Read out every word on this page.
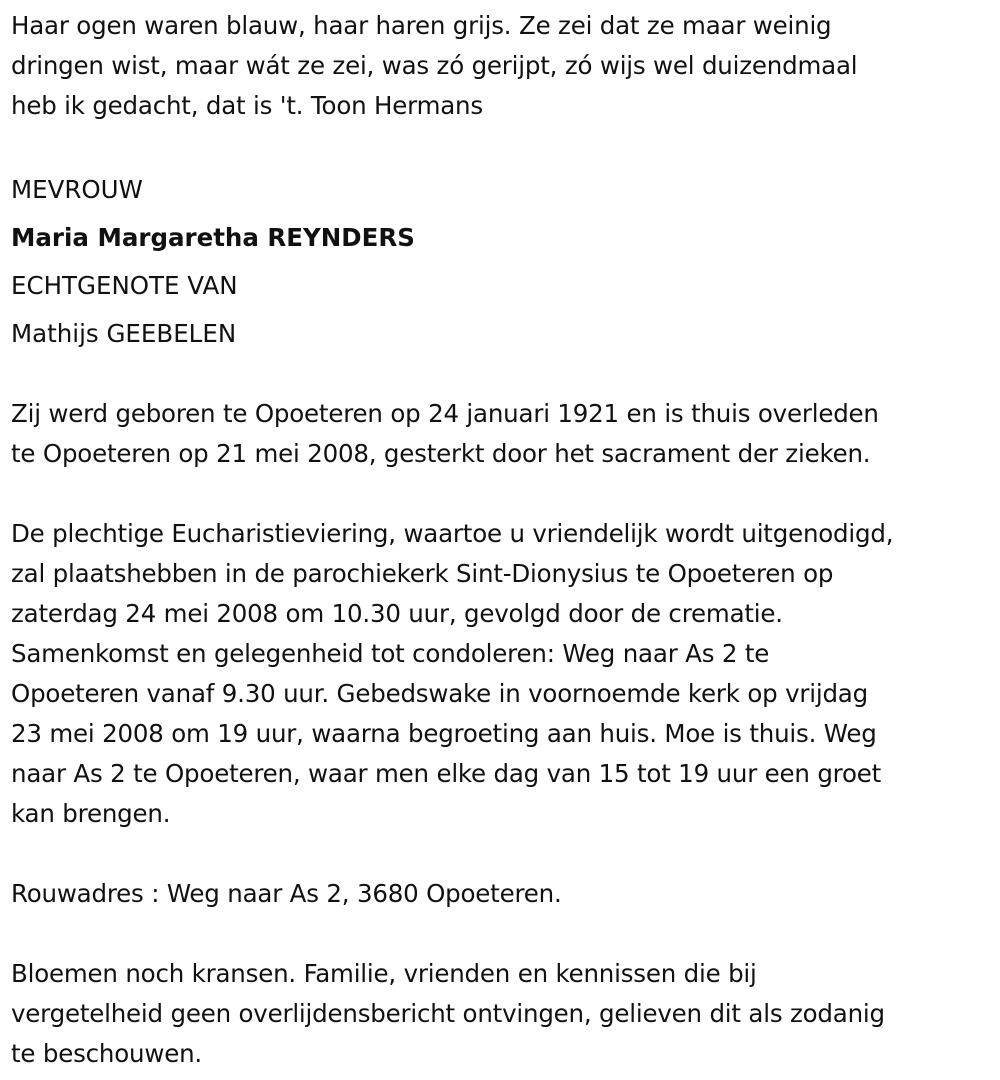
Haar ogen waren blauw, haar haren grijs. Ze zei dat ze maar weinig
dringen wist, maar wát ze zei, was zó gerijpt, zó wijs wel duizendmaal
heb ik gedacht, dat is 't. Toon Hermans

MEVROUW
Maria Margaretha REYNDERS
ECHTGENOTE VAN
Mathijs GEEBELEN

Zij werd geboren te Opoeteren op 24 januari 1921 en is thuis overleden
te Opoeteren op 21 mei 2008, gesterkt door het sacrament der zieken.

De plechtige Eucharistieviering, waartoe u vriendelijk wordt uitgenodigd,
zal plaatshebben in de parochiekerk Sint-Dionysius te Opoeteren op
zaterdag 24 mei 2008 om 10.30 uur, gevolgd door de crematie.
Samenkomst en gelegenheid tot condoleren: Weg naar As 2 te
Opoeteren vanaf 9.30 uur. Gebedswake in voornoemde kerk op vrijdag
23 mei 2008 om 19 uur, waarna begroeting aan huis. Moe is thuis. Weg
naar As 2 te Opoeteren, waar men elke dag van 15 tot 19 uur een groet
kan brengen.

Rouwadres : Weg naar As 2, 3680 Opoeteren.

Bloemen noch kransen. Familie, vrienden en kennissen die bij
vergetelheid geen overlijdensbericht ontvingen, gelieven dit als zodanig
te beschouwen.
